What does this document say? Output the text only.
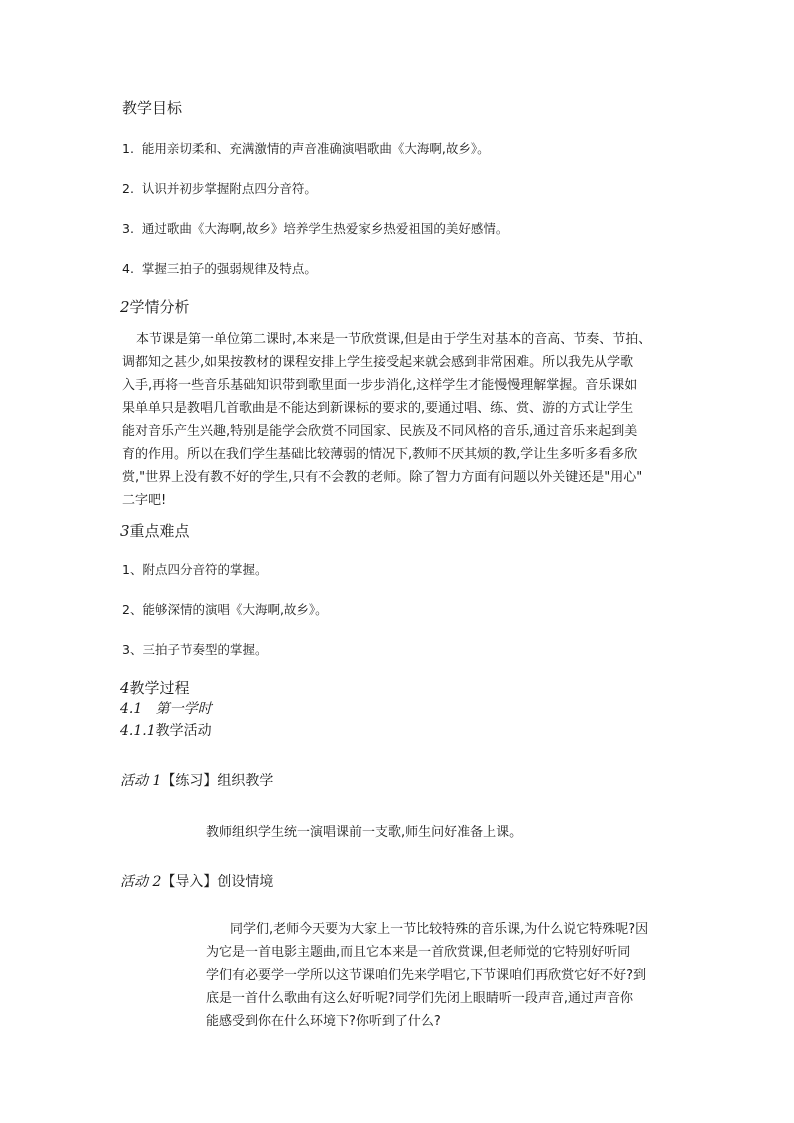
教学目标
1. 能用亲切柔和、充满激情的声音准确演唱歌曲《大海啊,故乡》。
2. 认识并初步掌握附点四分音符。
3. 通过歌曲《大海啊,故乡》培养学生热爱家乡热爱祖国的美好感情。
4. 掌握三拍子的强弱规律及特点。
2学情分析
本节课是第一单位第二课时,本来是一节欣赏课,但是由于学生对基本的音高、节奏、节拍、
调都知之甚少,如果按教材的课程安排上学生接受起来就会感到非常困难。所以我先从学歌
入手,再将一些音乐基础知识带到歌里面一步步消化,这样学生才能慢慢理解掌握。音乐课如
果单单只是教唱几首歌曲是不能达到新课标的要求的,要通过唱、练、赏、游的方式让学生
能对音乐产生兴趣,特别是能学会欣赏不同国家、民族及不同风格的音乐,通过音乐来起到美
育的作用。所以在我们学生基础比较薄弱的情况下,教师不厌其烦的教,学让生多听多看多欣
赏,"世界上没有教不好的学生,只有不会教的老师。除了智力方面有问题以外关键还是"用心"
二字吧!
3重点难点
1、附点四分音符的掌握。
2、能够深情的演唱《大海啊,故乡》。
3、三拍子节奏型的掌握。
4教学过程
4.1 第一学时
4.1.1教学活动
活动 1【练习】组织教学
教师组织学生统一演唱课前一支歌,师生问好准备上课。
活动 2【导入】创设情境
同学们,老师今天要为大家上一节比较特殊的音乐课,为什么说它特殊呢?因
为它是一首电影主题曲,而且它本来是一首欣赏课,但老师觉的它特别好听同
学们有必要学一学所以这节课咱们先来学唱它,下节课咱们再欣赏它好不好?到
底是一首什么歌曲有这么好听呢?同学们先闭上眼睛听一段声音,通过声音你
能感受到你在什么环境下?你听到了什么?
